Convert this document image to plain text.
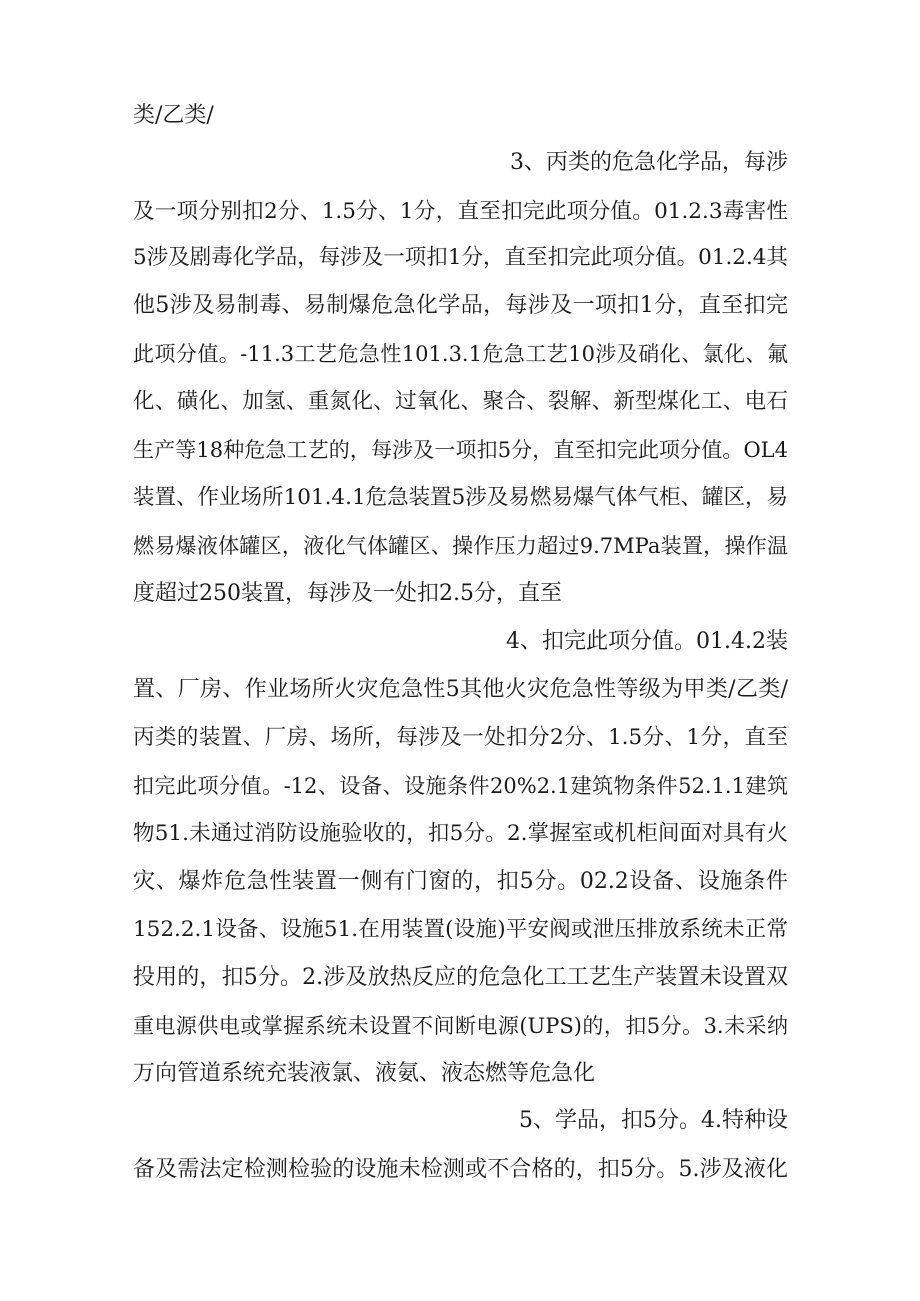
类/乙类/
3、丙类的危急化学品，每涉
及一项分别扣2分、1.5分、1分，直至扣完此项分值。01.2.3毒害性
5涉及剧毒化学品，每涉及一项扣1分，直至扣完此项分值。01.2.4其
他5涉及易制毒、易制爆危急化学品，每涉及一项扣1分，直至扣完
此项分值。-11.3工艺危急性101.3.1危急工艺10涉及硝化、氯化、氟
化、磺化、加氢、重氮化、过氧化、聚合、裂解、新型煤化工、电石
生产等18种危急工艺的，每涉及一项扣5分，直至扣完此项分值。OL4
装置、作业场所101.4.1危急装置5涉及易燃易爆气体气柜、罐区，易
燃易爆液体罐区，液化气体罐区、操作压力超过9.7MPa装置，操作温
度超过250装置，每涉及一处扣2.5分，直至
4、扣完此项分值。01.4.2装
置、厂房、作业场所火灾危急性5其他火灾危急性等级为甲类/乙类/
丙类的装置、厂房、场所，每涉及一处扣分2分、1.5分、1分，直至
扣完此项分值。-12、设备、设施条件20%2.1建筑物条件52.1.1建筑
物51.未通过消防设施验收的，扣5分。2.掌握室或机柜间面对具有火
灾、爆炸危急性装置一侧有门窗的，扣5分。02.2设备、设施条件
152.2.1设备、设施51.在用装置(设施)平安阀或泄压排放系统未正常
投用的，扣5分。2.涉及放热反应的危急化工工艺生产装置未设置双
重电源供电或掌握系统未设置不间断电源(UPS)的，扣5分。3.未采纳
万向管道系统充装液氯、液氨、液态燃等危急化
5、学品，扣5分。4.特种设
备及需法定检测检验的设施未检测或不合格的，扣5分。5.涉及液化
